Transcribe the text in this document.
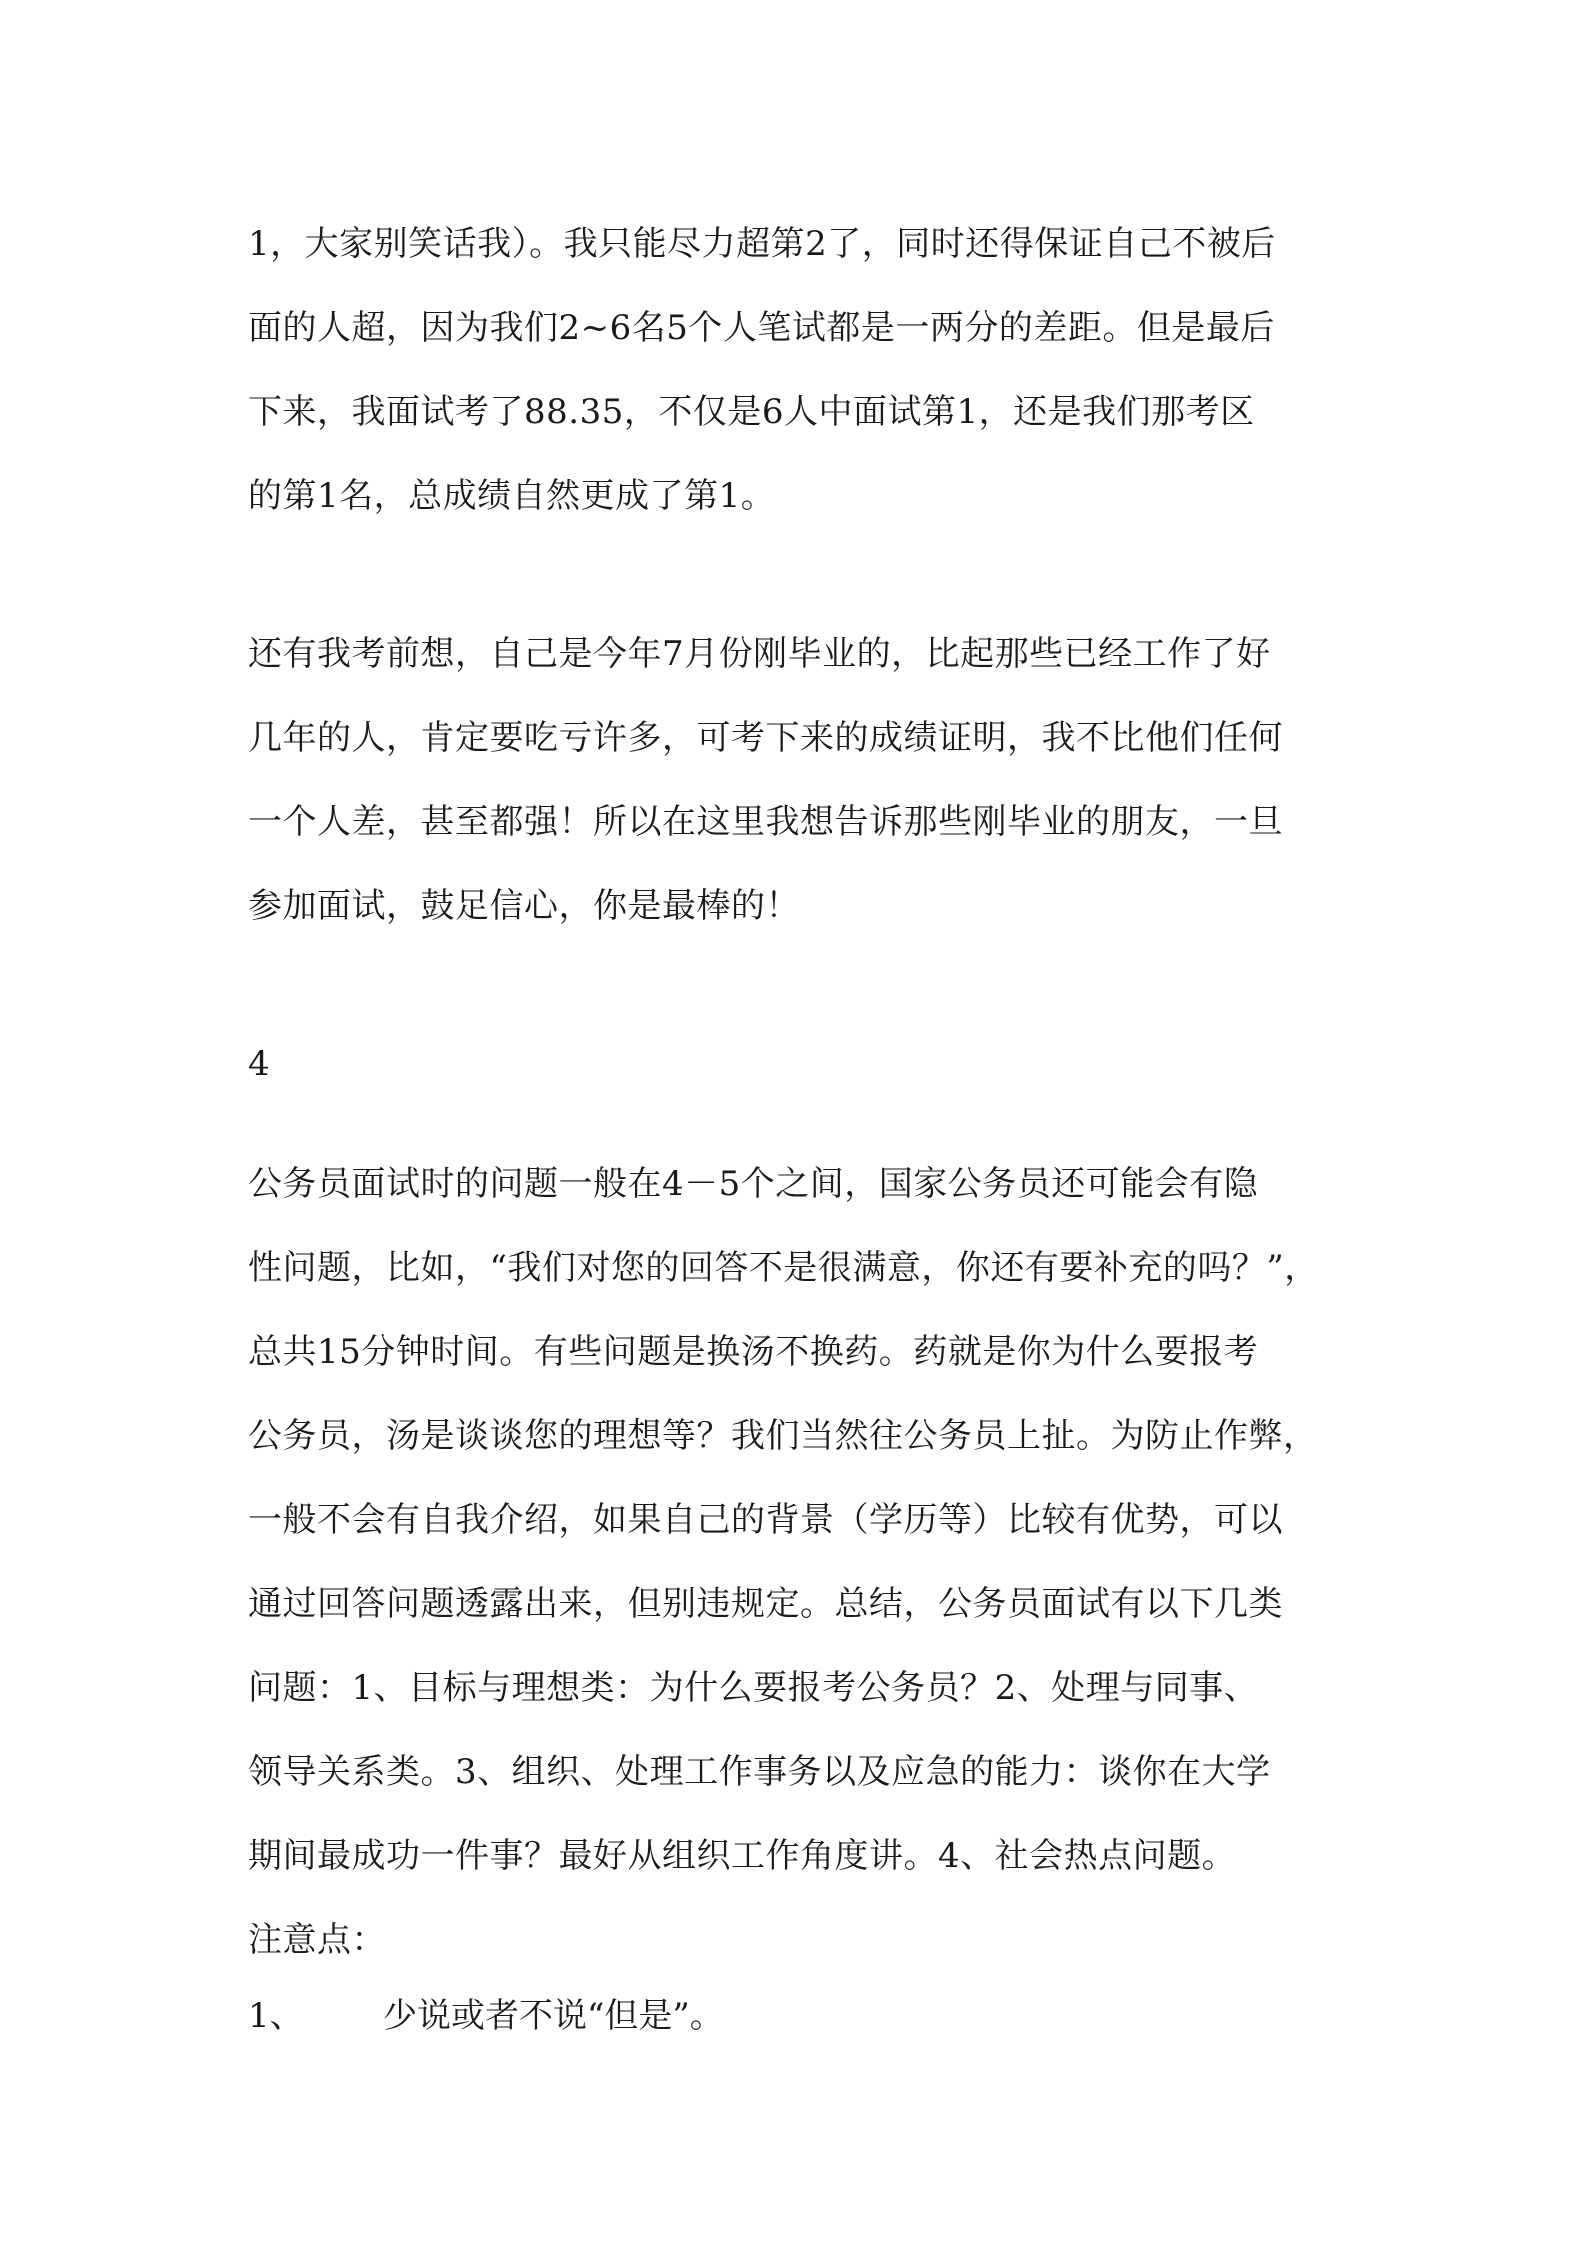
1，大家别笑话我）。我只能尽力超第2了，同时还得保证自己不被后
面的人超，因为我们2~6名5个人笔试都是一两分的差距。但是最后
下来，我面试考了88.35，不仅是6人中面试第1，还是我们那考区
的第1名，总成绩自然更成了第1。
还有我考前想，自己是今年7月份刚毕业的，比起那些已经工作了好
几年的人，肯定要吃亏许多，可考下来的成绩证明，我不比他们任何
一个人差，甚至都强！所以在这里我想告诉那些刚毕业的朋友，一旦
参加面试，鼓足信心，你是最棒的！
4
公务员面试时的问题一般在4－5个之间，国家公务员还可能会有隐
性问题，比如，“我们对您的回答不是很满意，你还有要补充的吗？”，
总共15分钟时间。有些问题是换汤不换药。药就是你为什么要报考
公务员，汤是谈谈您的理想等？我们当然往公务员上扯。为防止作弊，
一般不会有自我介绍，如果自己的背景（学历等）比较有优势，可以
通过回答问题透露出来，但别违规定。总结，公务员面试有以下几类
问题：1、目标与理想类：为什么要报考公务员？2、处理与同事、
领导关系类。3、组织、处理工作事务以及应急的能力：谈你在大学
期间最成功一件事？最好从组织工作角度讲。4、社会热点问题。
注意点：
1、 少说或者不说“但是”。
